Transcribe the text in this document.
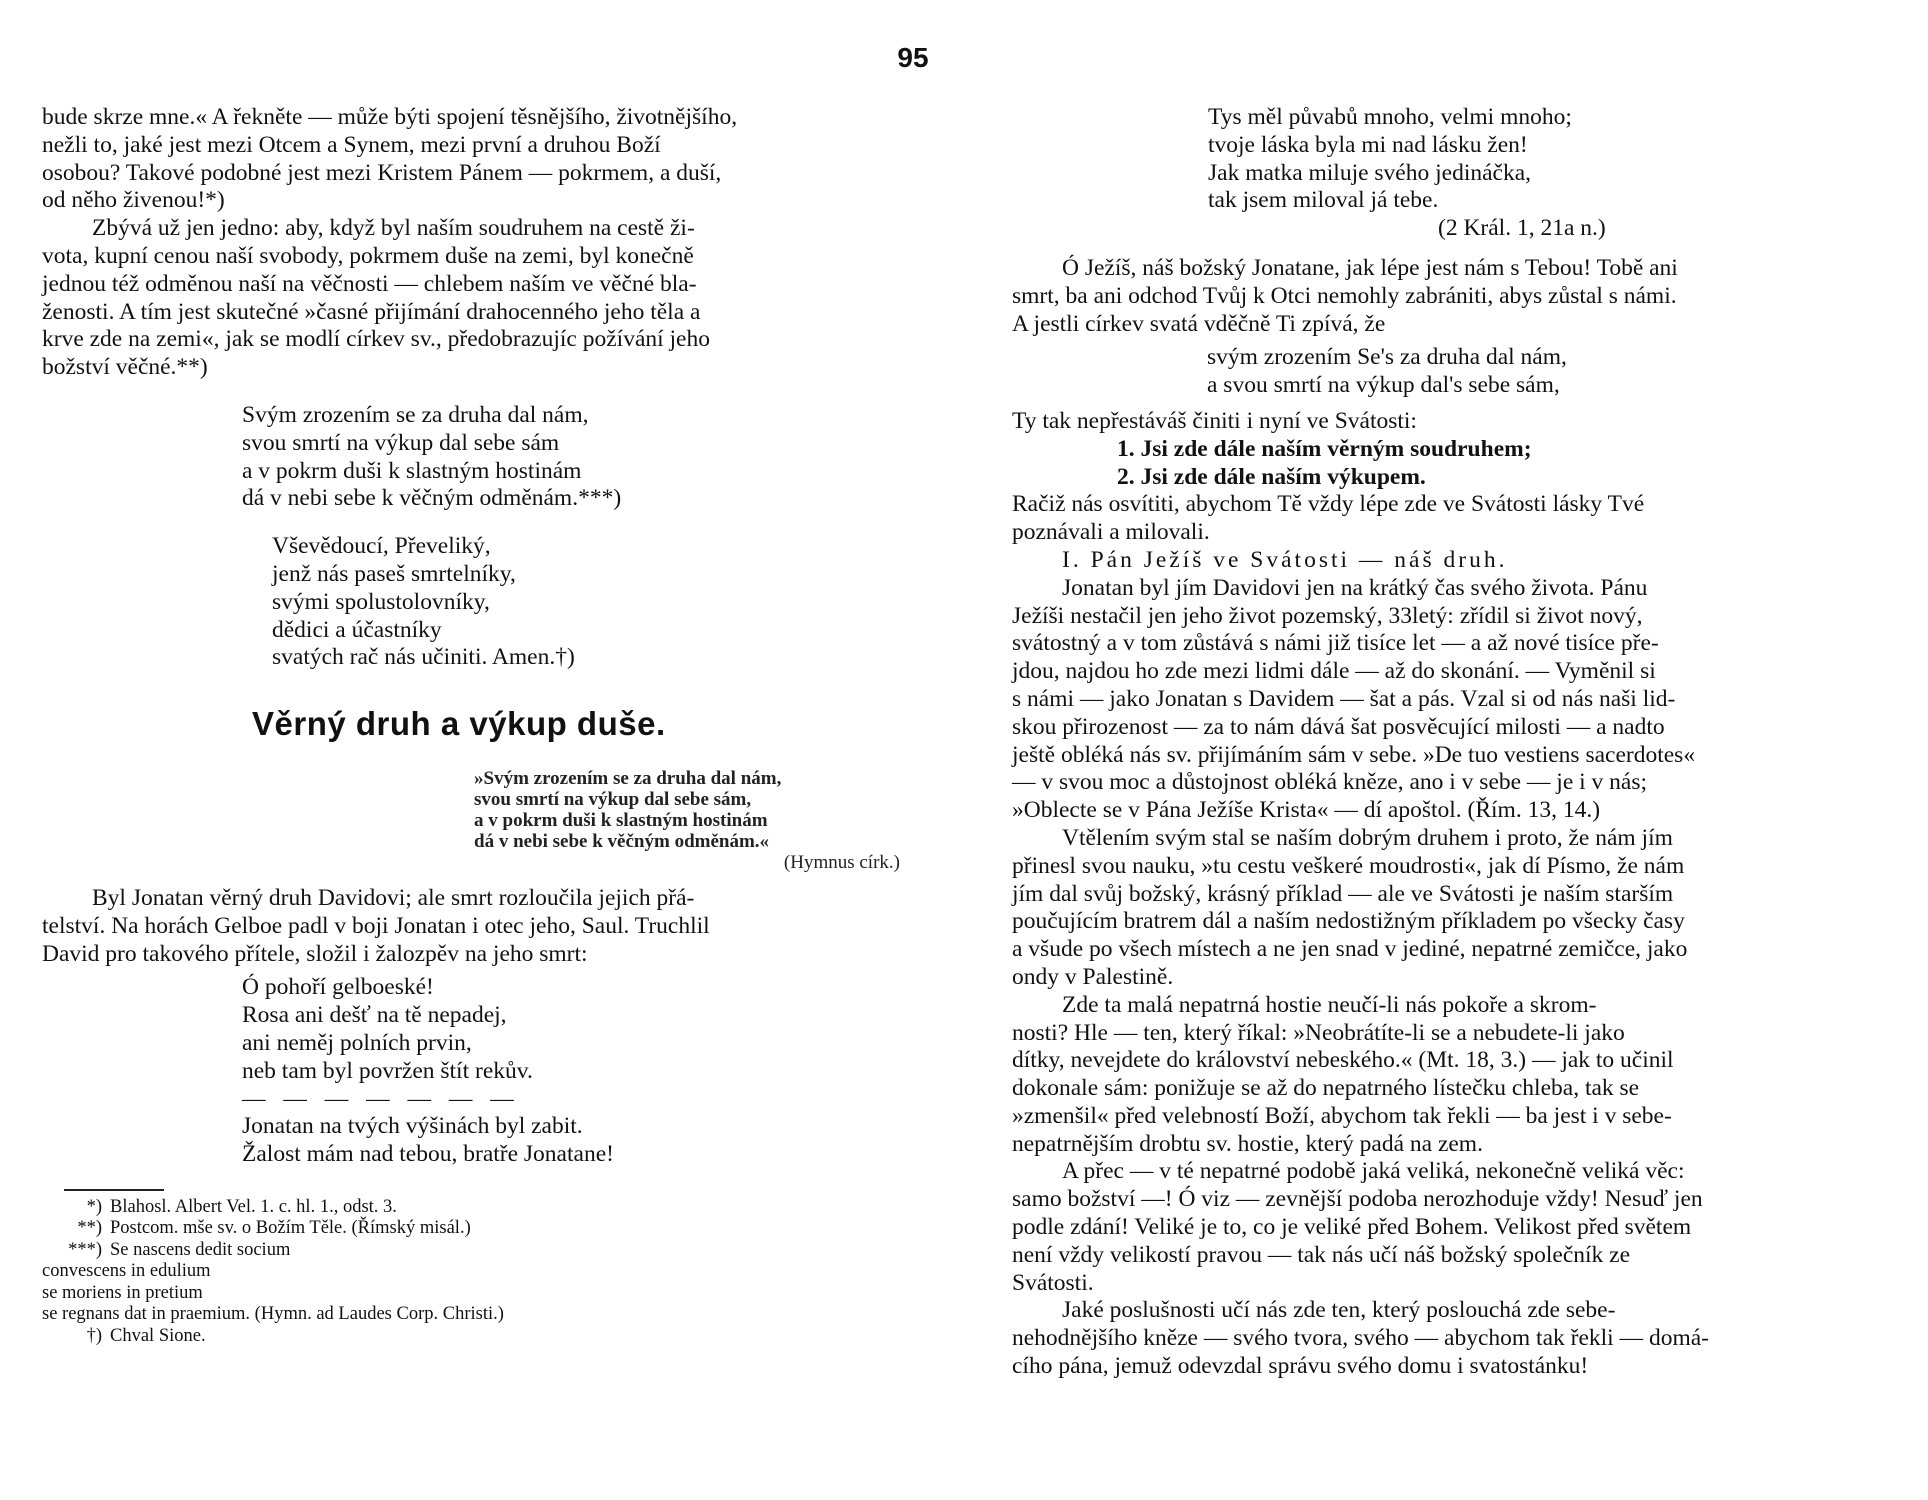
95
bude skrze mne.« A řekněte — může býti spojení těsnějšího, životnějšího,
nežli to, jaké jest mezi Otcem a Synem, mezi první a druhou Boží
osobou? Takové podobné jest mezi Kristem Pánem — pokrmem, a duší,
od něho živenou!*)
Zbývá už jen jedno: aby, když byl naším soudruhem na cestě ži-
vota, kupní cenou naší svobody, pokrmem duše na zemi, byl konečně
jednou též odměnou naší na věčnosti — chlebem naším ve věčné bla-
ženosti. A tím jest skutečné »časné přijímání drahocenného jeho těla a
krve zde na zemi«, jak se modlí církev sv., předobrazujíc požívání jeho
božství věčné.**)
Svým zrozením se za druha dal nám,
svou smrtí na výkup dal sebe sám
a v pokrm duši k slastným hostinám
dá v nebi sebe k věčným odměnám.***)
Vševědoucí, Převeliký,
jenž nás paseš smrtelníky,
svými spolustolovníky,
dědici a účastníky
svatých rač nás učiniti. Amen.†)
Věrný druh a výkup duše.
»Svým zrozením se za druha dal nám,
svou smrtí na výkup dal sebe sám,
a v pokrm duši k slastným hostinám
dá v nebi sebe k věčným odměnám.«
(Hymnus círk.)
Byl Jonatan věrný druh Davidovi; ale smrt rozloučila jejich přá-
telství. Na horách Gelboe padl v boji Jonatan i otec jeho, Saul. Truchlil
David pro takového přítele, složil i žalozpěv na jeho smrt:
Ó pohoří gelboeské!
Rosa ani dešť na tě nepadej,
ani neměj polních prvin,
neb tam byl povržen štít rekův.
— — — — — — —
Jonatan na tvých výšinách byl zabit.
Žalost mám nad tebou, bratře Jonatane!
*) Blahosl. Albert Vel. 1. c. hl. 1., odst. 3.
**) Postcom. mše sv. o Božím Těle. (Římský misál.)
***) Se nascens dedit socium
convescens in edulium
se moriens in pretium
se regnans dat in praemium. (Hymn. ad Laudes Corp. Christi.)
†) Chval Sione.
Tys měl půvabů mnoho, velmi mnoho;
tvoje láska byla mi nad lásku žen!
Jak matka miluje svého jedináčka,
tak jsem miloval já tebe.
(2 Král. 1, 21a n.)
Ó Ježíš, náš božský Jonatane, jak lépe jest nám s Tebou! Tobě ani
smrt, ba ani odchod Tvůj k Otci nemohly zabrániti, abys zůstal s námi.
A jestli církev svatá vděčně Ti zpívá, že
svým zrozením Se's za druha dal nám,
a svou smrtí na výkup dal's sebe sám,
Ty tak nepřestáváš činiti i nyní ve Svátosti:
1. Jsi zde dále naším věrným soudruhem;
2. Jsi zde dále naším výkupem.
Račiž nás osvítiti, abychom Tě vždy lépe zde ve Svátosti lásky Tvé
poznávali a milovali.
I. Pán Ježíš ve Svátosti — náš druh.
Jonatan byl jím Davidovi jen na krátký čas svého života. Pánu
Ježíši nestačil jen jeho život pozemský, 33letý: zřídil si život nový,
svátostný a v tom zůstává s námi již tisíce let — a až nové tisíce pře-
jdou, najdou ho zde mezi lidmi dále — až do skonání. — Vyměnil si
s námi — jako Jonatan s Davidem — šat a pás. Vzal si od nás naši lid-
skou přirozenost — za to nám dává šat posvěcující milosti — a nadto
ještě obléká nás sv. přijímáním sám v sebe. »De tuo vestiens sacerdotes«
— v svou moc a důstojnost obléká kněze, ano i v sebe — je i v nás;
»Oblecte se v Pána Ježíše Krista« — dí apoštol. (Řím. 13, 14.)
Vtělením svým stal se naším dobrým druhem i proto, že nám jím
přinesl svou nauku, »tu cestu veškeré moudrosti«, jak dí Písmo, že nám
jím dal svůj božský, krásný příklad — ale ve Svátosti je naším starším
poučujícím bratrem dál a naším nedostižným příkladem po všecky časy
a všude po všech místech a ne jen snad v jediné, nepatrné zemičce, jako
ondy v Palestině.
Zde ta malá nepatrná hostie neučí-li nás pokoře a skrom-
nosti? Hle — ten, který říkal: »Neobrátíte-li se a nebudete-li jako
dítky, nevejdete do království nebeského.« (Mt. 18, 3.) — jak to učinil
dokonale sám: ponižuje se až do nepatrného lístečku chleba, tak se
»zmenšil« před velebností Boží, abychom tak řekli — ba jest i v sebe-
nepatrnějším drobtu sv. hostie, který padá na zem.
A přec — v té nepatrné podobě jaká veliká, nekonečně veliká věc:
samo božství —! Ó viz — zevnější podoba nerozhoduje vždy! Nesuď jen
podle zdání! Veliké je to, co je veliké před Bohem. Velikost před světem
není vždy velikostí pravou — tak nás učí náš božský společník ze
Svátosti.
Jaké poslušnosti učí nás zde ten, který poslouchá zde sebe-
nehodnějšího kněze — svého tvora, svého — abychom tak řekli — domá-
cího pána, jemuž odevzdal správu svého domu i svatostánku!
